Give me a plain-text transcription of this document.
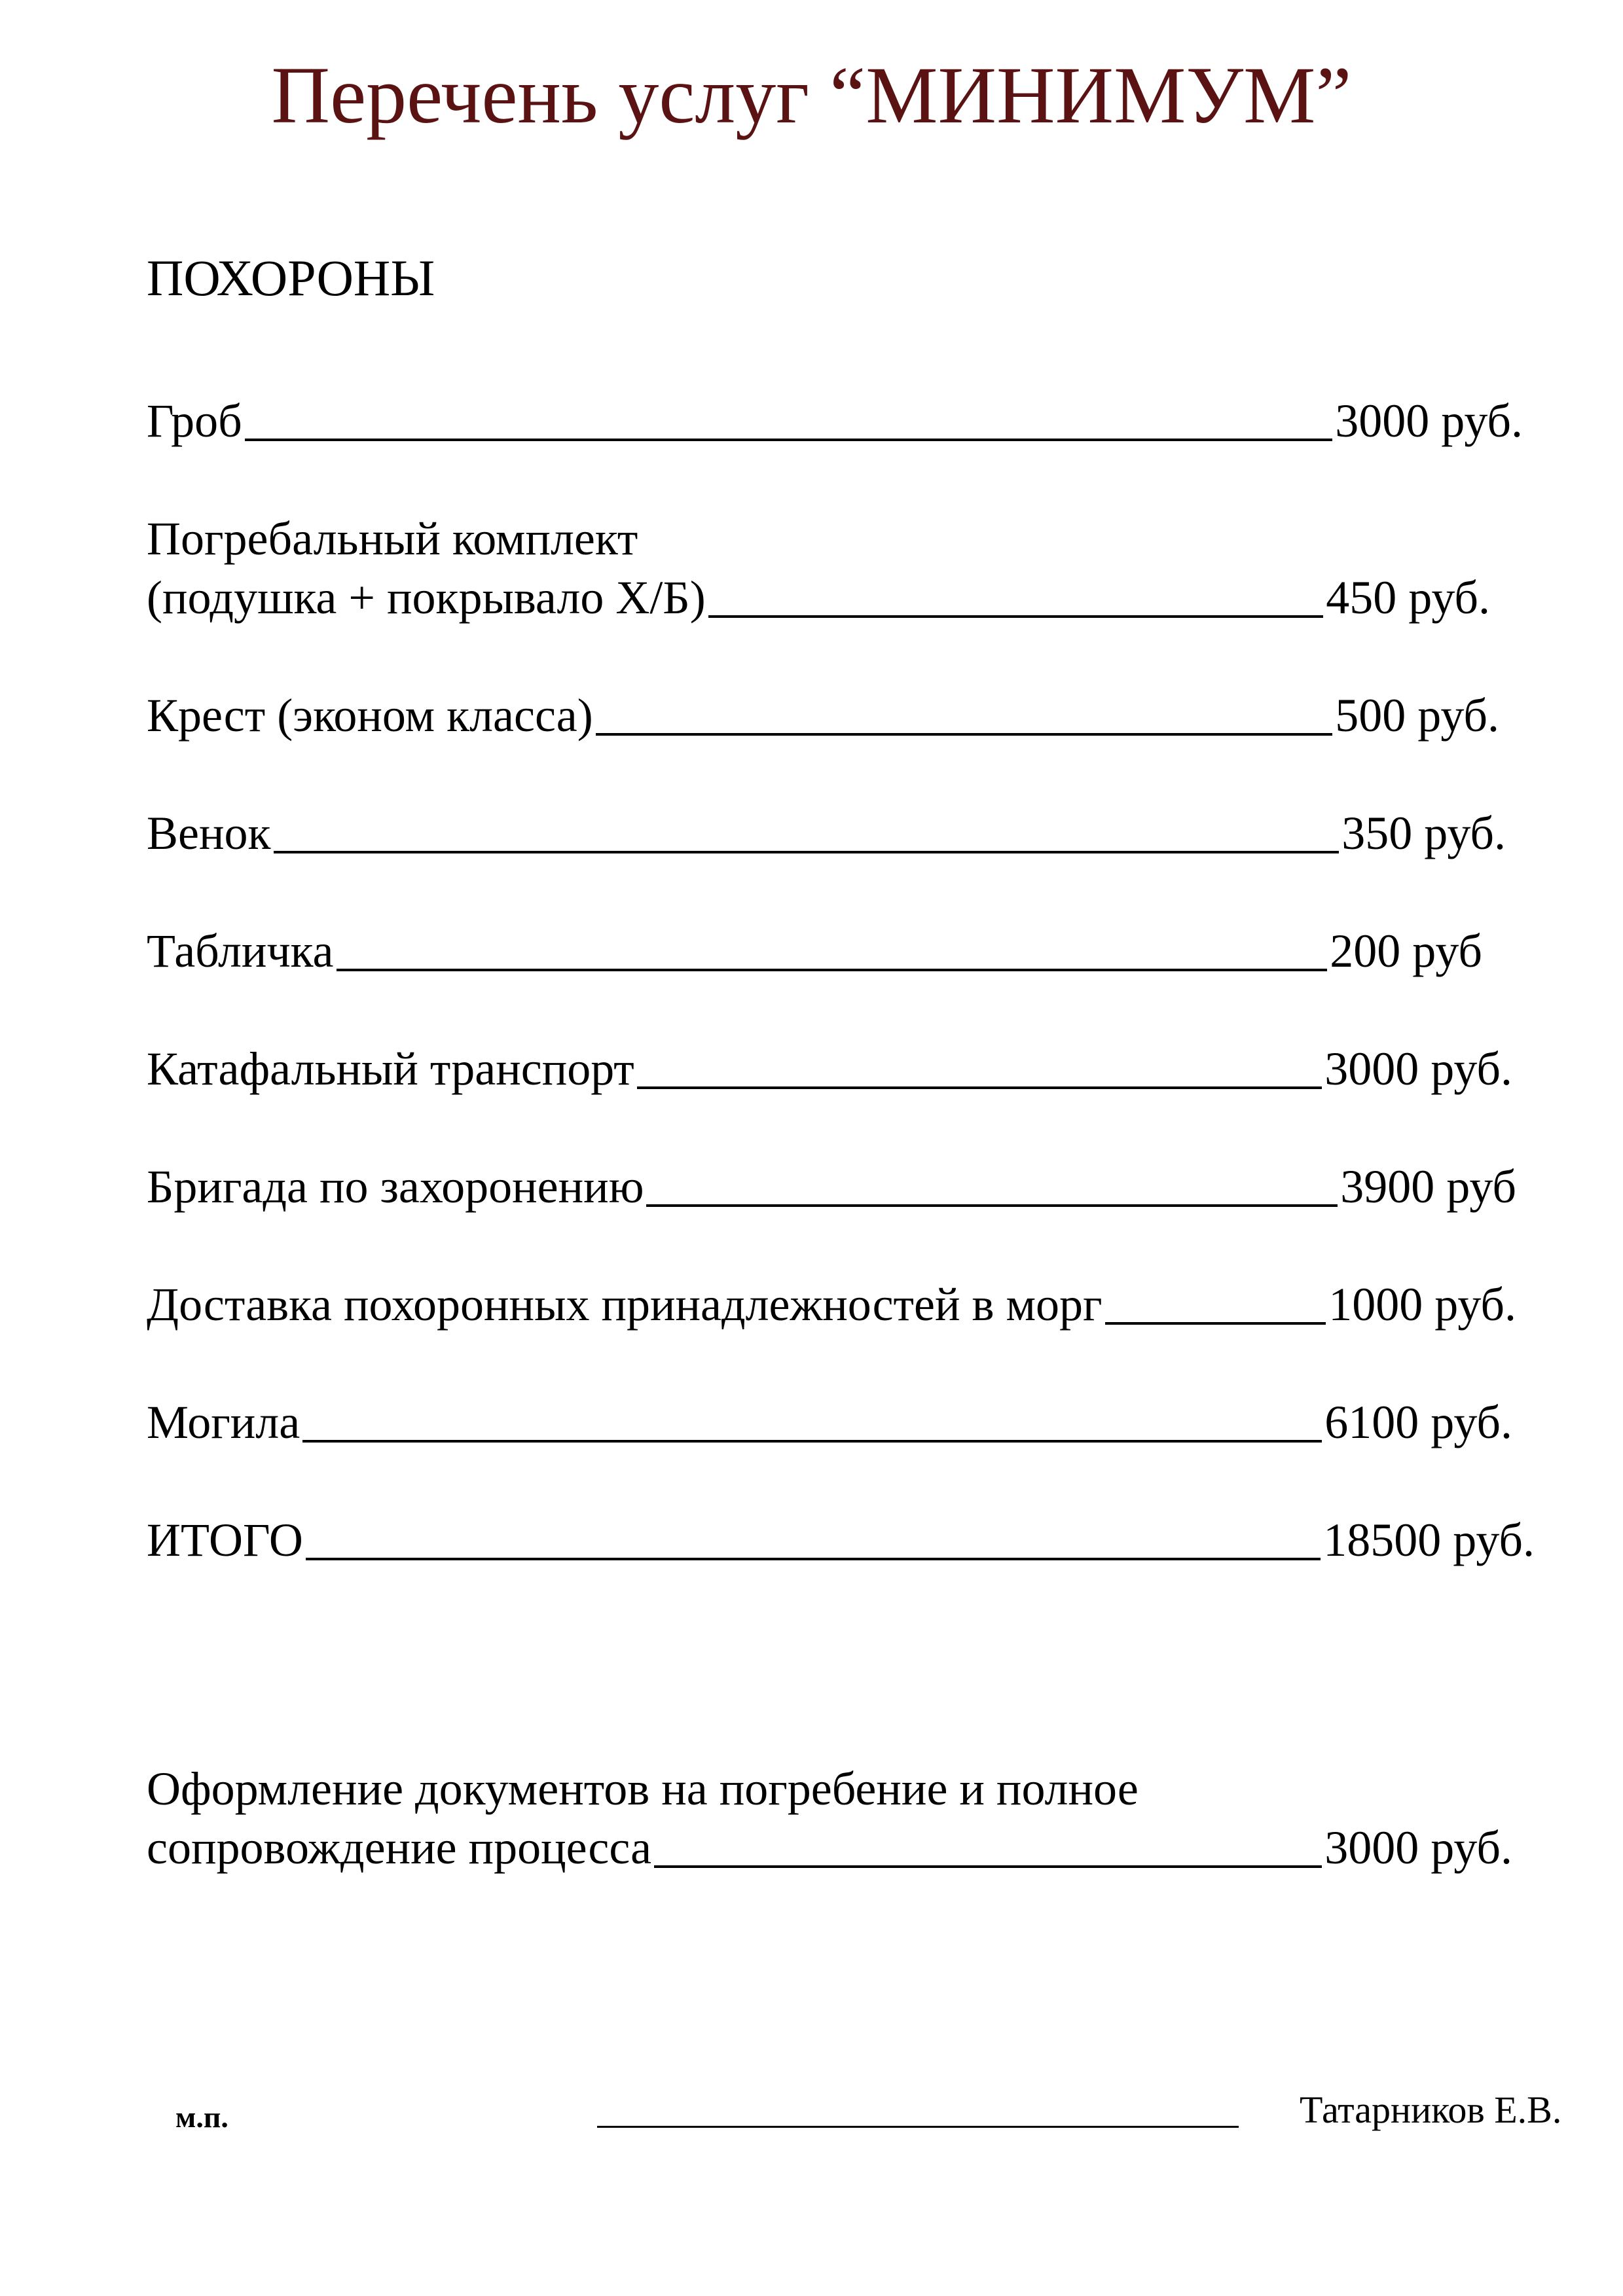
Перечень услуг “МИНИМУМ”
ПОХОРОНЫ
Гроб	3000 руб.
Погребальный комплект
(подушка + покрывало Х/Б)	450 руб.
Крест (эконом класса)	500 руб.
Венок	350 руб.
Табличка	200 руб
Катафальный транспорт	3000 руб.
Бригада по захоронению	3900 руб
Доставка похоронных принадлежностей в морг	1000 руб.
Могила	6100 руб.
ИТОГО	18500 руб.
Оформление документов на погребение и полное
сопровождение процесса	3000 руб.
м.п.	Татарников Е.В.
